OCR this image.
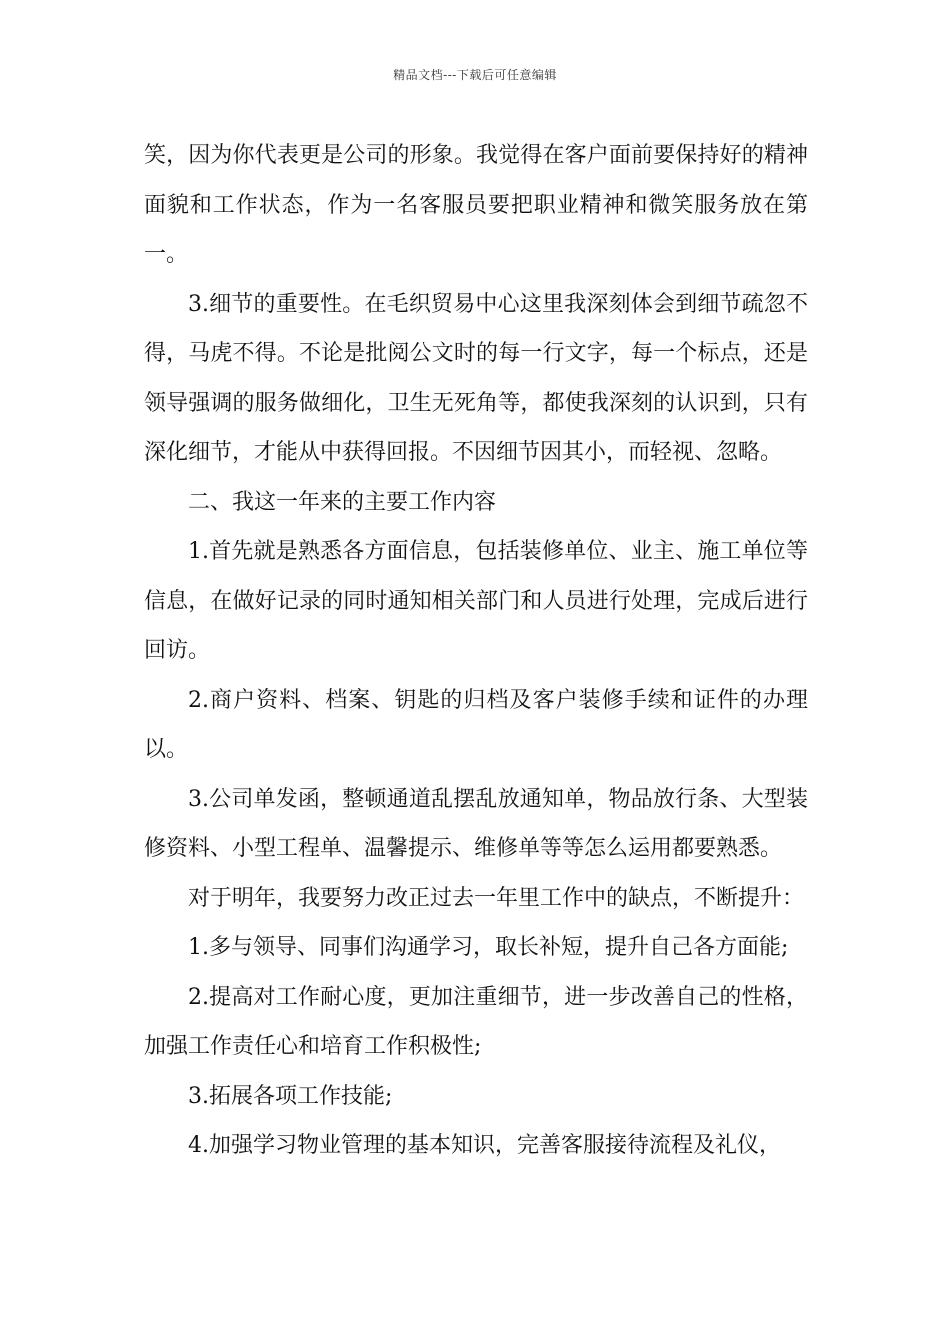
精品文档---下载后可任意编辑

笑，因为你代表更是公司的形象。我觉得在客户面前要保持好的精神面貌和工作状态，作为一名客服员要把职业精神和微笑服务放在第一。

3.细节的重要性。在毛织贸易中心这里我深刻体会到细节疏忽不得，马虎不得。不论是批阅公文时的每一行文字，每一个标点，还是领导强调的服务做细化，卫生无死角等，都使我深刻的认识到，只有深化细节，才能从中获得回报。不因细节因其小，而轻视、忽略。

二、我这一年来的主要工作内容

1.首先就是熟悉各方面信息，包括装修单位、业主、施工单位等信息，在做好记录的同时通知相关部门和人员进行处理，完成后进行回访。

2.商户资料、档案、钥匙的归档及客户装修手续和证件的办理以。

3.公司单发函，整顿通道乱摆乱放通知单，物品放行条、大型装修资料、小型工程单、温馨提示、维修单等等怎么运用都要熟悉。

对于明年，我要努力改正过去一年里工作中的缺点，不断提升：

1.多与领导、同事们沟通学习，取长补短，提升自己各方面能;

2.提高对工作耐心度，更加注重细节，进一步改善自己的性格，加强工作责任心和培育工作积极性;

3.拓展各项工作技能;

4.加强学习物业管理的基本知识，完善客服接待流程及礼仪，
